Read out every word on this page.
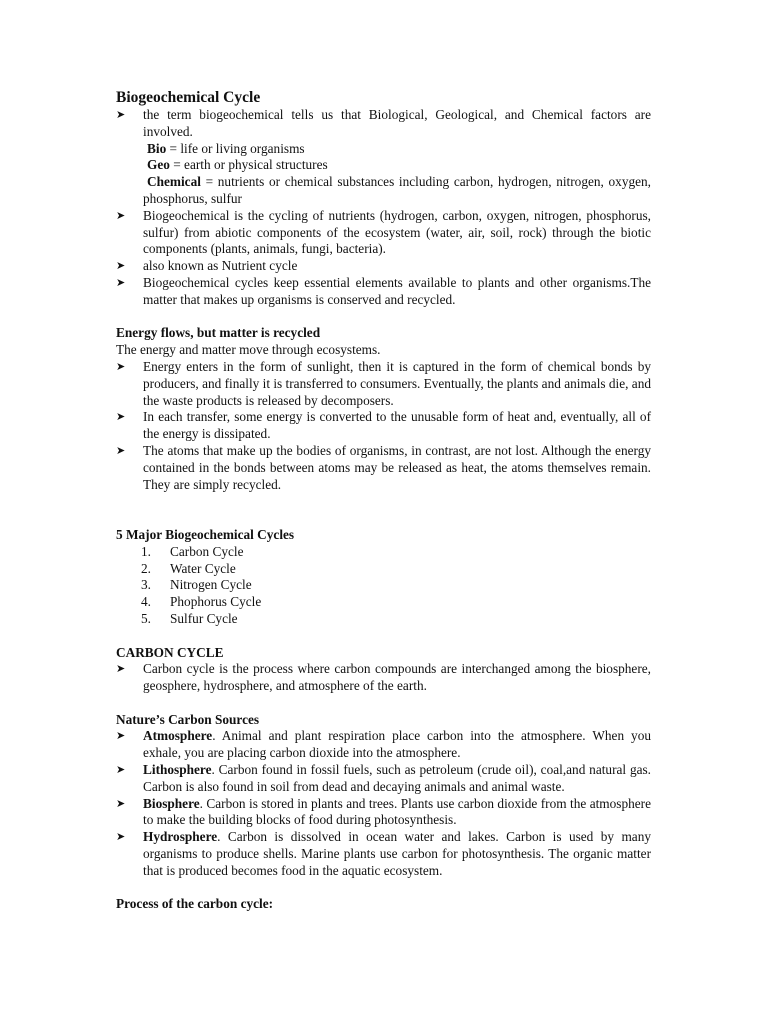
Biogeochemical Cycle
➤ the term biogeochemical tells us that Biological, Geological, and Chemical factors are involved.
Bio = life or living organisms
Geo = earth or physical structures
Chemical = nutrients or chemical substances including carbon, hydrogen, nitrogen, oxygen, phosphorus, sulfur
➤ Biogeochemical is the cycling of nutrients (hydrogen, carbon, oxygen, nitrogen, phosphorus, sulfur) from abiotic components of the ecosystem (water, air, soil, rock) through the biotic components (plants, animals, fungi, bacteria).
➤ also known as Nutrient cycle
➤ Biogeochemical cycles keep essential elements available to plants and other organisms.The matter that makes up organisms is conserved and recycled.
Energy flows, but matter is recycled
The energy and matter move through ecosystems.
➤ Energy enters in the form of sunlight, then it is captured in the form of chemical bonds by producers, and finally it is transferred to consumers. Eventually, the plants and animals die, and the waste products is released by decomposers.
➤ In each transfer, some energy is converted to the unusable form of heat and, eventually, all of the energy is dissipated.
➤ The atoms that make up the bodies of organisms, in contrast, are not lost. Although the energy contained in the bonds between atoms may be released as heat, the atoms themselves remain. They are simply recycled.
5 Major Biogeochemical Cycles
1. Carbon Cycle
2. Water Cycle
3. Nitrogen Cycle
4. Phophorus Cycle
5. Sulfur Cycle
CARBON CYCLE
➤ Carbon cycle is the process where carbon compounds are interchanged among the biosphere, geosphere, hydrosphere, and atmosphere of the earth.
Nature’s Carbon Sources
➤ Atmosphere. Animal and plant respiration place carbon into the atmosphere. When you exhale, you are placing carbon dioxide into the atmosphere.
➤ Lithosphere. Carbon found in fossil fuels, such as petroleum (crude oil), coal,and natural gas. Carbon is also found in soil from dead and decaying animals and animal waste.
➤ Biosphere. Carbon is stored in plants and trees. Plants use carbon dioxide from the atmosphere to make the building blocks of food during photosynthesis.
➤ Hydrosphere. Carbon is dissolved in ocean water and lakes. Carbon is used by many organisms to produce shells. Marine plants use carbon for photosynthesis. The organic matter that is produced becomes food in the aquatic ecosystem.
Process of the carbon cycle:
